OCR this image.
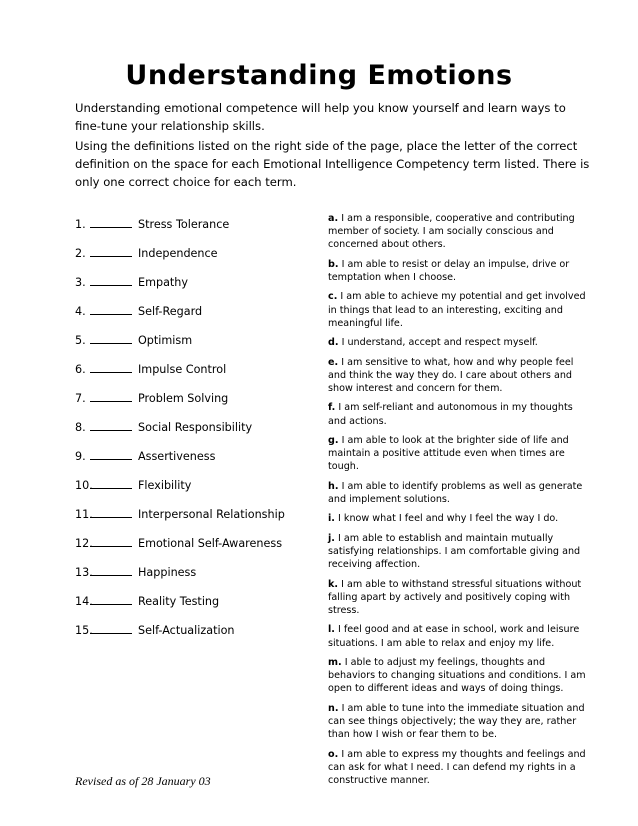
Understanding Emotions

Understanding emotional competence will help you know yourself and learn ways to fine-tune your relationship skills.

Using the definitions listed on the right side of the page, place the letter of the correct definition on the space for each Emotional Intelligence Competency term listed. There is only one correct choice for each term.

1.	Stress Tolerance
2.	Independence
3.	Empathy
4.	Self-Regard
5.	Optimism
6.	Impulse Control
7.	Problem Solving
8.	Social Responsibility
9.	Assertiveness
10.	Flexibility
11.	Interpersonal Relationship
12.	Emotional Self-Awareness
13.	Happiness
14.	Reality Testing
15.	Self-Actualization
a. I am a responsible, cooperative and contributing member of society. I am socially conscious and concerned about others.
b. I am able to resist or delay an impulse, drive or temptation when I choose.
c. I am able to achieve my potential and get involved in things that lead to an interesting, exciting and meaningful life.
d. I understand, accept and respect myself.
e. I am sensitive to what, how and why people feel and think the way they do. I care about others and show interest and concern for them.
f. I am self-reliant and autonomous in my thoughts and actions.
g. I am able to look at the brighter side of life and maintain a positive attitude even when times are tough.
h. I am able to identify problems as well as generate and implement solutions.
i. I know what I feel and why I feel the way I do.
j. I am able to establish and maintain mutually satisfying relationships. I am comfortable giving and receiving affection.
k. I am able to withstand stressful situations without falling apart by actively and positively coping with stress.
l. I feel good and at ease in school, work and leisure situations. I am able to relax and enjoy my life.
m. I able to adjust my feelings, thoughts and behaviors to changing situations and conditions. I am open to different ideas and ways of doing things.
n. I am able to tune into the immediate situation and can see things objectively; the way they are, rather than how I wish or fear them to be.
o. I am able to express my thoughts and feelings and can ask for what I need. I can defend my rights in a constructive manner.
Revised as of 28 January 03
